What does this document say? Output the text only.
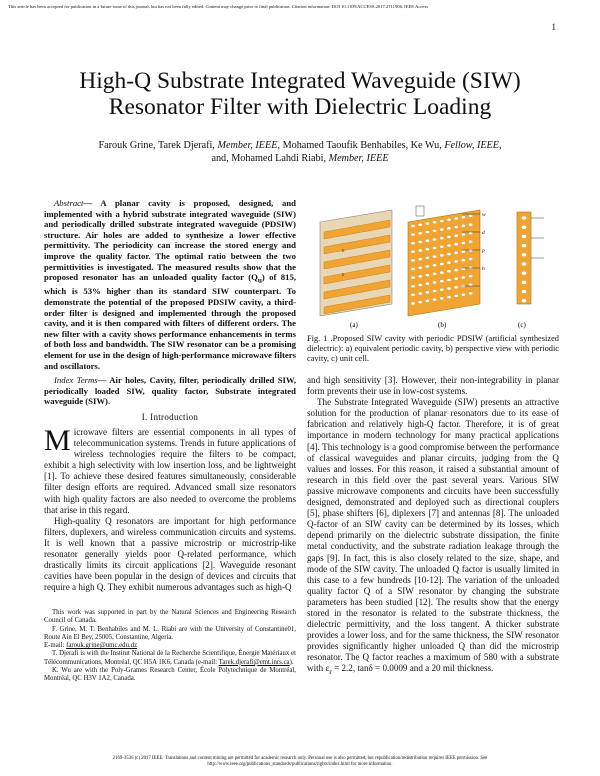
This article has been accepted for publication in a future issue of this journal, but has not been fully edited. Content may change prior to final publication. Citation information: DOI 10.1109/ACCESS.2017.2711906, IEEE Access
1
High-Q Substrate Integrated Waveguide (SIW)
Resonator Filter with Dielectric Loading
Farouk Grine, Tarek Djerafi, Member, IEEE, Mohamed Taoufik Benhabiles, Ke Wu, Fellow, IEEE,
and, Mohamed Lahdi Riabi, Member, IEEE
Abstract— A planar cavity is proposed, designed, and implemented with a hybrid substrate integrated waveguide (SIW) and periodically drilled substrate integrated waveguide (PDSIW) structure. Air holes are added to synthesize a lower effective permittivity. The periodicity can increase the stored energy and improve the quality factor. The optimal ratio between the two permittivities is investigated. The measured results show that the proposed resonator has an unloaded quality factor $(Q_u)$ of 815, which is 53% higher than its standard SIW counterpart. To demonstrate the potential of the proposed PDSIW cavity, a third-order filter is designed and implemented through the proposed cavity, and it is then compared with filters of different orders. The new filter with a cavity shows performance enhancements in terms of both loss and bandwidth. The SIW resonator can be a promising element for use in the design of high-performance microwave filters and oscillators.
Index Terms— Air holes, Cavity, filter, periodically drilled SIW, periodically loaded SIW, quality factor, Substrate integrated waveguide (SIW).
I. Introduction

Microwave filters are essential components in all types of telecommunication systems. Trends in future applications of wireless technologies require the filters to be compact, exhibit a high selectivity with low insertion loss, and be lightweight [1]. To achieve these desired features simultaneously, considerable filter design efforts are required. Advanced small size resonators with high quality factors are also needed to overcome the problems that arise in this regard.

High-quality Q resonators are important for high performance filters, duplexers, and wireless communication circuits and systems. It is well known that a passive microstrip or microstrip-like resonator generally yields poor Q-related performance, which drastically limits its circuit applications [2]. Waveguide resonant cavities have been popular in the design of devices and circuits that require a high Q. They exhibit numerous advantages such as high-Q

This work was supported in part by the Natural Sciences and Engineering Research Council of Canada.

F. Grine, M. T. Benhabiles and M. L. Riabi are with the University of Constantine01, Route Ain El Bey, 25005, Constantine, Algeria.

E-mail: farouk.grine@umc.edu.dz

T. Djerafi is with the Institut National de la Recherche Scientifique, Énergie Matériaux et Télécommunications, Montréal, QC H5A 1K6, Canada (e-mail: Tarek.djerafi@emt.inrs.ca).

K. Wu are with the Poly-Grames Research Center, École Polytechnique de Montréal, Montréal, QC H3V 1A2, Canada.

ε
ε
w
d
p
h
(a)	(b)	(c)
Fig. 1 .Proposed SIW cavity with periodic PDSIW (artificial synthesized dielectric): a) equivalent periodic cavity, b) perspective view with periodic cavity, c) unit cell.

and high sensitivity [3]. However, their non-integrability in planar form prevents their use in low-cost systems.

The Substrate Integrated Waveguide (SIW) presents an attractive solution for the production of planar resonators due to its ease of fabrication and relatively high-Q factor. Therefore, it is of great importance in modern technology for many practical applications [4]. This technology is a good compromise between the performance of classical waveguides and planar circuits, judging from the Q values and losses. For this reason, it raised a substantial amount of research in this field over the past several years. Various SIW passive microwave components and circuits have been successfully designed, demonstrated and deployed such as directional couplers [5], phase shifters [6], diplexers [7] and antennas [8]. The unloaded Q-factor of an SIW cavity can be determined by its losses, which depend primarily on the dielectric substrate dissipation, the finite metal conductivity, and the substrate radiation leakage through the gaps [9]. In fact, this is also closely related to the size, shape, and mode of the SIW cavity. The unloaded Q factor is usually limited in this case to a few hundreds [10-12]. The variation of the unloaded quality factor Q of a SIW resonator by changing the substrate parameters has been studied [12]. The results show that the energy stored in the resonator is related to the substrate thickness, the dielectric permittivity, and the loss tangent. A thicker substrate provides a lower loss, and for the same thickness, the SIW resonator provides significantly higher unloaded Q than did the microstrip resonator. The Q factor reaches a maximum of 580 with a substrate with $\varepsilon_r = 2.2$, tanδ = 0.0009 and a 20 mil thickness.

2169-3536 (c) 2017 IEEE. Translations and content mining are permitted for academic research only. Personal use is also permitted, but republication/redistribution requires IEEE permission. See
http://www.ieee.org/publications_standards/publications/rights/index.html for more information.
